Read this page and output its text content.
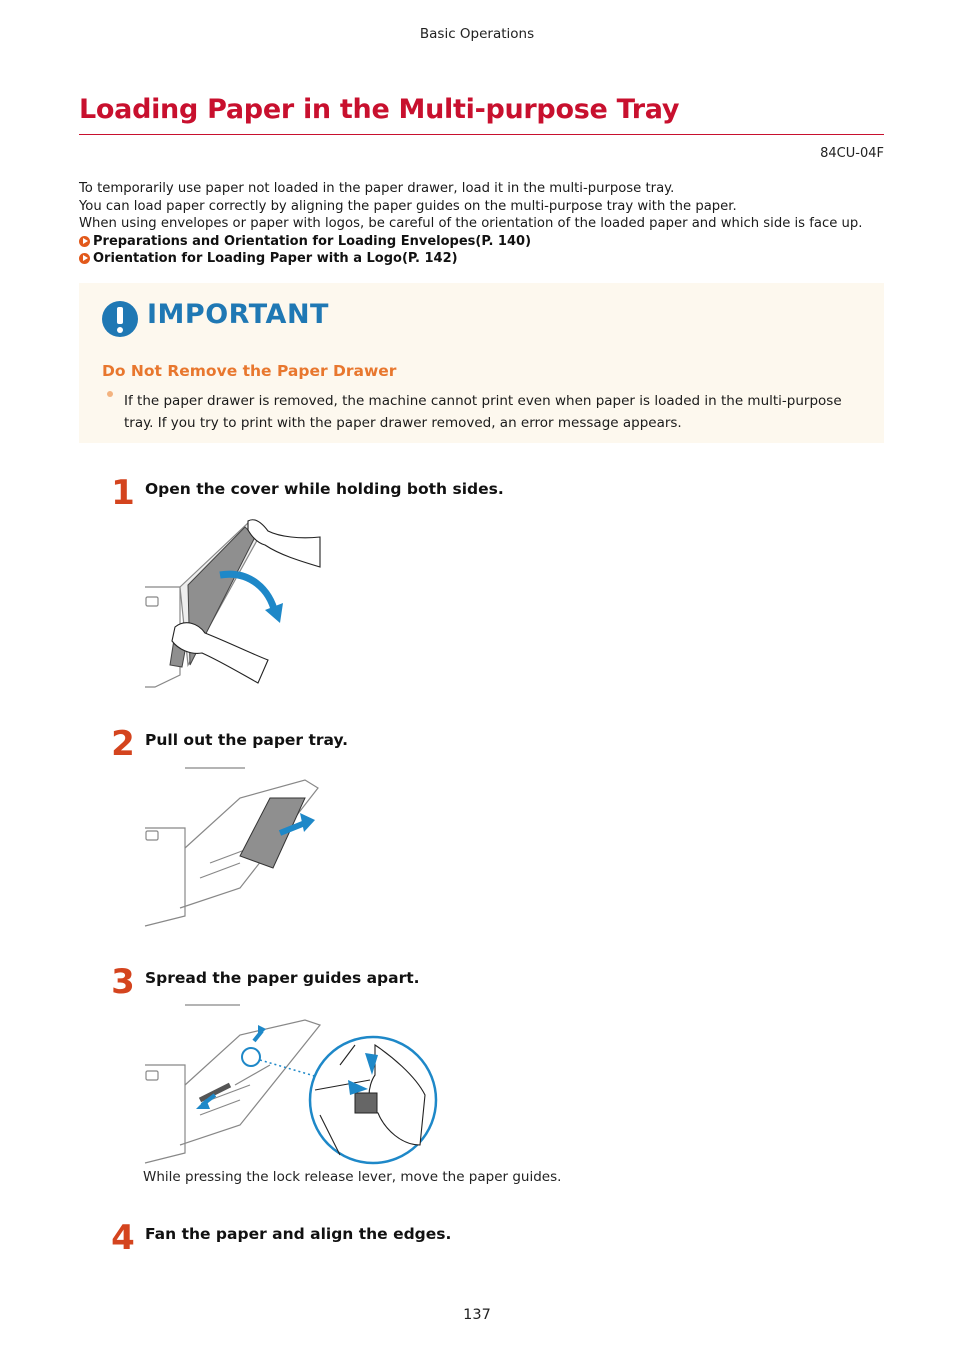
Basic Operations
Loading Paper in the Multi-purpose Tray
84CU-04F

To temporarily use paper not loaded in the paper drawer, load it in the multi-purpose tray.

You can load paper correctly by aligning the paper guides on the multi-purpose tray with the paper.

When using envelopes or paper with logos, be careful of the orientation of the loaded paper and which side is face up.

Preparations and Orientation for Loading Envelopes(P. 140)
Orientation for Loading Paper with a Logo(P. 142)
IMPORTANT
Do Not Remove the Paper Drawer
If the paper drawer is removed, the machine cannot print even when paper is loaded in the multi-purpose tray. If you try to print with the paper drawer removed, an error message appears.
1 Open the cover while holding both sides.
2 Pull out the paper tray.
3 Spread the paper guides apart.
While pressing the lock release lever, move the paper guides.
4 Fan the paper and align the edges.
137
